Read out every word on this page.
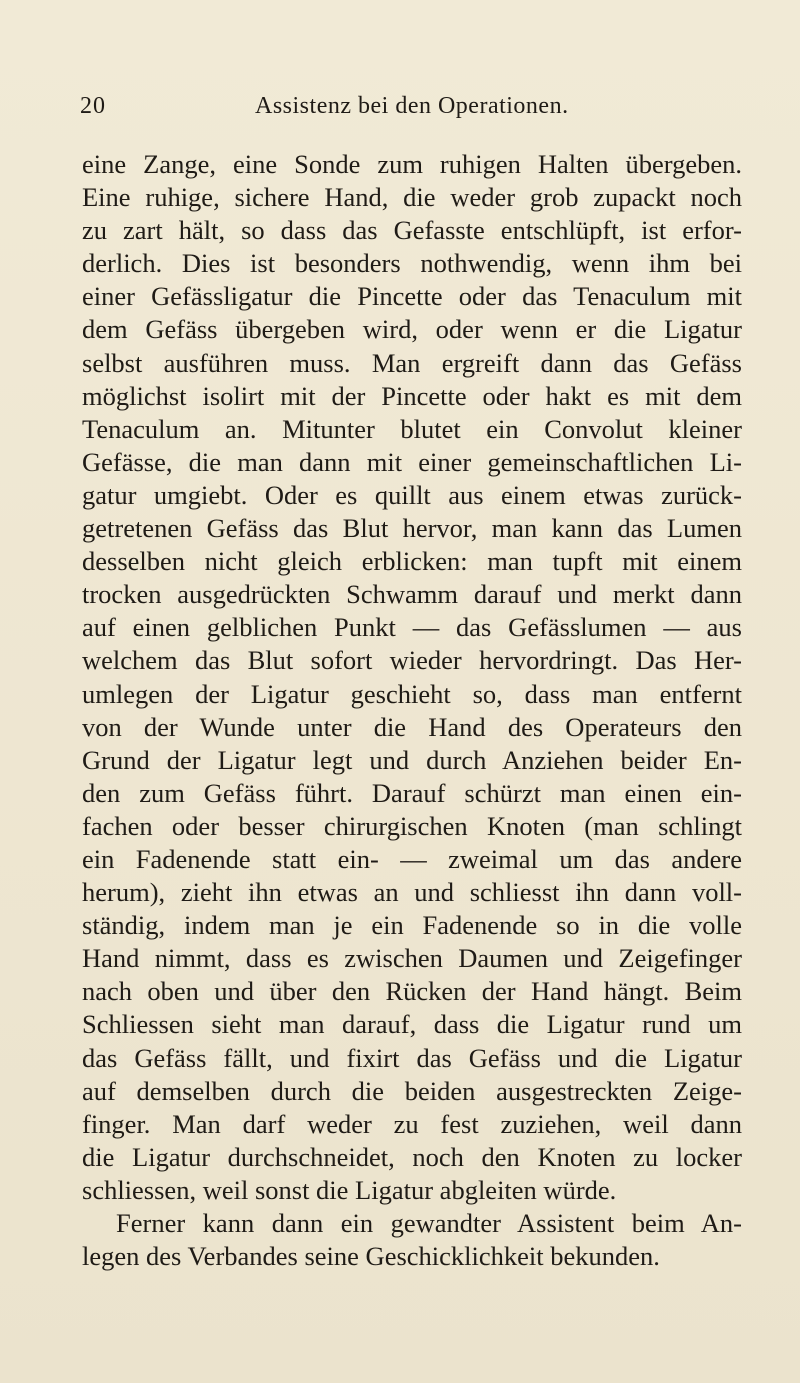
20	Assistenz bei den Operationen.
eine Zange, eine Sonde zum ruhigen Halten übergeben.
Eine ruhige, sichere Hand, die weder grob zupackt noch
zu zart hält, so dass das Gefasste entschlüpft, ist erfor-
derlich. Dies ist besonders nothwendig, wenn ihm bei
einer Gefässligatur die Pincette oder das Tenaculum mit
dem Gefäss übergeben wird, oder wenn er die Ligatur
selbst ausführen muss. Man ergreift dann das Gefäss
möglichst isolirt mit der Pincette oder hakt es mit dem
Tenaculum an. Mitunter blutet ein Convolut kleiner
Gefässe, die man dann mit einer gemeinschaftlichen Li-
gatur umgiebt. Oder es quillt aus einem etwas zurück-
getretenen Gefäss das Blut hervor, man kann das Lumen
desselben nicht gleich erblicken: man tupft mit einem
trocken ausgedrückten Schwamm darauf und merkt dann
auf einen gelblichen Punkt — das Gefässlumen — aus
welchem das Blut sofort wieder hervordringt. Das Her-
umlegen der Ligatur geschieht so, dass man entfernt
von der Wunde unter die Hand des Operateurs den
Grund der Ligatur legt und durch Anziehen beider En-
den zum Gefäss führt. Darauf schürzt man einen ein-
fachen oder besser chirurgischen Knoten (man schlingt
ein Fadenende statt ein- — zweimal um das andere
herum), zieht ihn etwas an und schliesst ihn dann voll-
ständig, indem man je ein Fadenende so in die volle
Hand nimmt, dass es zwischen Daumen und Zeigefinger
nach oben und über den Rücken der Hand hängt. Beim
Schliessen sieht man darauf, dass die Ligatur rund um
das Gefäss fällt, und fixirt das Gefäss und die Ligatur
auf demselben durch die beiden ausgestreckten Zeige-
finger. Man darf weder zu fest zuziehen, weil dann
die Ligatur durchschneidet, noch den Knoten zu locker
schliessen, weil sonst die Ligatur abgleiten würde.
Ferner kann dann ein gewandter Assistent beim An-
legen des Verbandes seine Geschicklichkeit bekunden.
